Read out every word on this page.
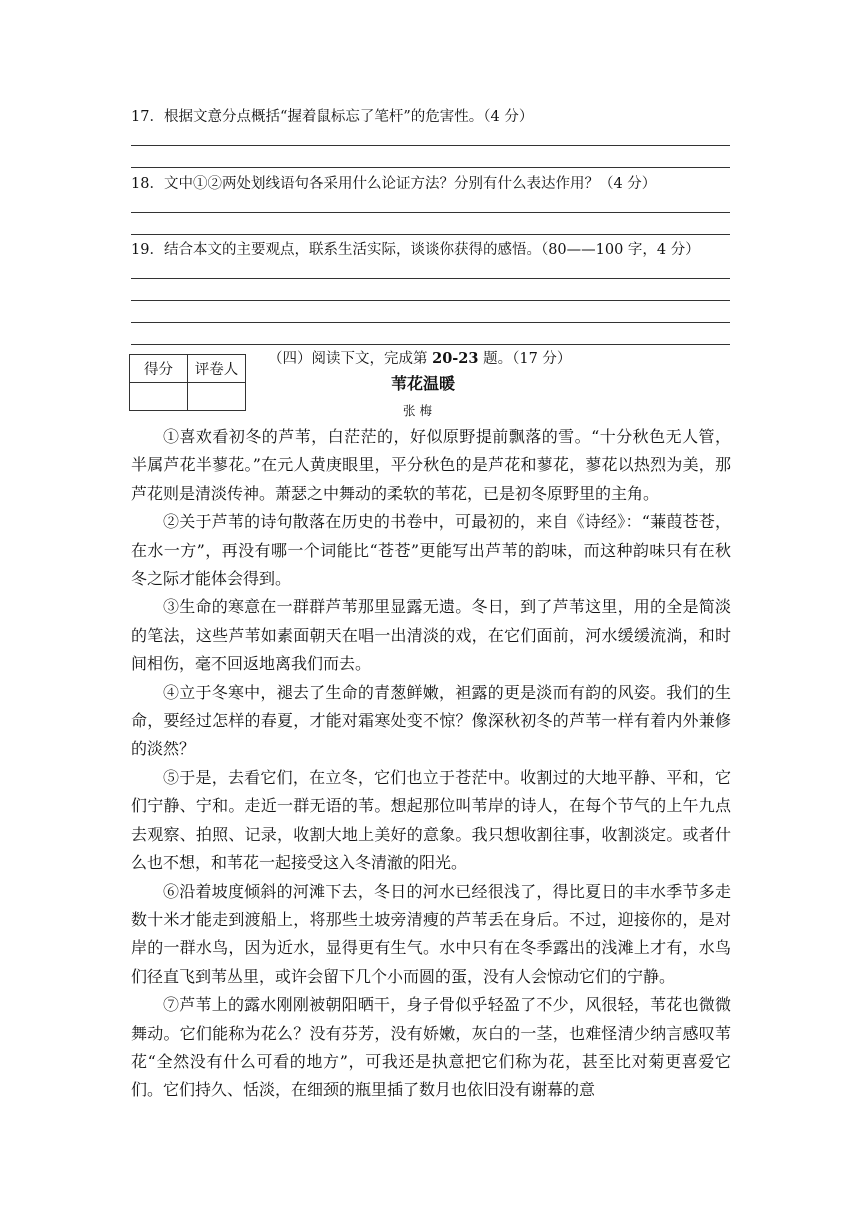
17．根据文意分点概括“握着鼠标忘了笔杆”的危害性。（4 分）
18．文中①②两处划线语句各采用什么论证方法？分别有什么表达作用？（4 分）
19．结合本文的主要观点，联系生活实际，谈谈你获得的感悟。（80——100 字，4 分）
得分	评卷人

（四）阅读下文，完成第 20-23 题。（17 分）
苇花温暖
张 梅

①喜欢看初冬的芦苇，白茫茫的，好似原野提前飘落的雪。“十分秋色无人管，半属芦花半蓼花。”在元人黄庚眼里，平分秋色的是芦花和蓼花，蓼花以热烈为美，那芦花则是清淡传神。萧瑟之中舞动的柔软的苇花，已是初冬原野里的主角。

②关于芦苇的诗句散落在历史的书卷中，可最初的，来自《诗经》：“蒹葭苍苍，在水一方”，再没有哪一个词能比“苍苍”更能写出芦苇的韵味，而这种韵味只有在秋冬之际才能体会得到。

③生命的寒意在一群群芦苇那里显露无遗。冬日，到了芦苇这里，用的全是简淡的笔法，这些芦苇如素面朝天在唱一出清淡的戏，在它们面前，河水缓缓流淌，和时间相伤，毫不回返地离我们而去。

④立于冬寒中，褪去了生命的青葱鲜嫩，袒露的更是淡而有韵的风姿。我们的生命，要经过怎样的春夏，才能对霜寒处变不惊？像深秋初冬的芦苇一样有着内外兼修的淡然？

⑤于是，去看它们，在立冬，它们也立于苍茫中。收割过的大地平静、平和，它们宁静、宁和。走近一群无语的苇。想起那位叫苇岸的诗人，在每个节气的上午九点去观察、拍照、记录，收割大地上美好的意象。我只想收割往事，收割淡定。或者什么也不想，和苇花一起接受这入冬清澈的阳光。

⑥沿着坡度倾斜的河滩下去，冬日的河水已经很浅了，得比夏日的丰水季节多走数十米才能走到渡船上，将那些土坡旁清瘦的芦苇丢在身后。不过，迎接你的，是对岸的一群水鸟，因为近水，显得更有生气。水中只有在冬季露出的浅滩上才有，水鸟们径直飞到苇丛里，或许会留下几个小而圆的蛋，没有人会惊动它们的宁静。

⑦芦苇上的露水刚刚被朝阳晒干，身子骨似乎轻盈了不少，风很轻，苇花也微微舞动。它们能称为花么？没有芬芳，没有娇嫩，灰白的一茎，也难怪清少纳言感叹苇花“全然没有什么可看的地方”，可我还是执意把它们称为花，甚至比对菊更喜爱它们。它们持久、恬淡，在细颈的瓶里插了数月也依旧没有谢幕的意
